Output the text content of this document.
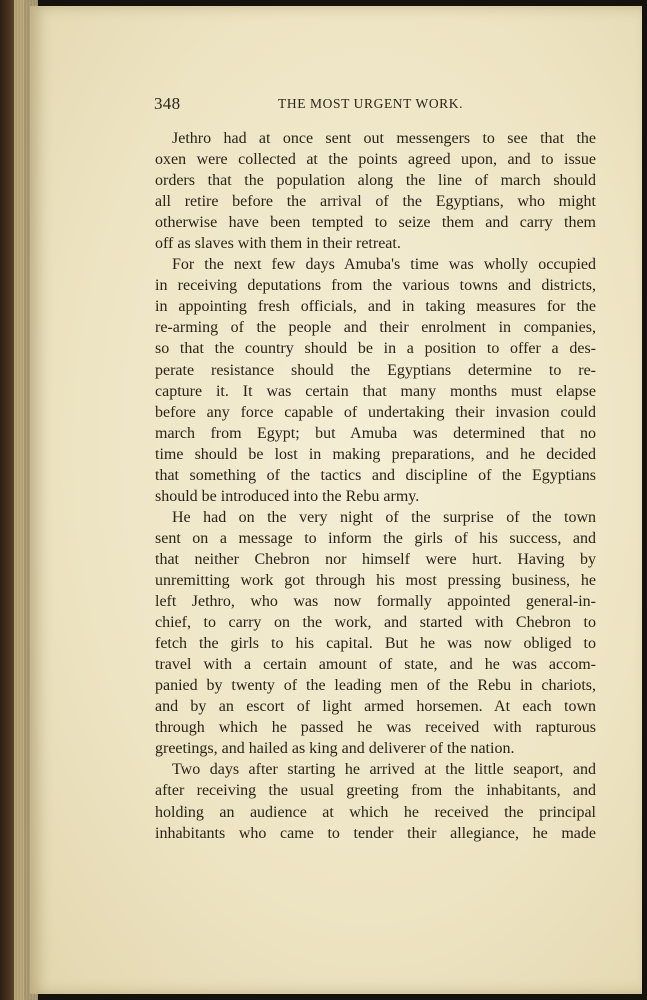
348	THE MOST URGENT WORK.
Jethro had at once sent out messengers to see that the
oxen were collected at the points agreed upon, and to issue
orders that the population along the line of march should
all retire before the arrival of the Egyptians, who might
otherwise have been tempted to seize them and carry them
off as slaves with them in their retreat.
For the next few days Amuba's time was wholly occupied
in receiving deputations from the various towns and districts,
in appointing fresh officials, and in taking measures for the
re-arming of the people and their enrolment in companies,
so that the country should be in a position to offer a des-
perate resistance should the Egyptians determine to re-
capture it. It was certain that many months must elapse
before any force capable of undertaking their invasion could
march from Egypt; but Amuba was determined that no
time should be lost in making preparations, and he decided
that something of the tactics and discipline of the Egyptians
should be introduced into the Rebu army.
He had on the very night of the surprise of the town
sent on a message to inform the girls of his success, and
that neither Chebron nor himself were hurt. Having by
unremitting work got through his most pressing business, he
left Jethro, who was now formally appointed general-in-
chief, to carry on the work, and started with Chebron to
fetch the girls to his capital. But he was now obliged to
travel with a certain amount of state, and he was accom-
panied by twenty of the leading men of the Rebu in chariots,
and by an escort of light armed horsemen. At each town
through which he passed he was received with rapturous
greetings, and hailed as king and deliverer of the nation.
Two days after starting he arrived at the little seaport, and
after receiving the usual greeting from the inhabitants, and
holding an audience at which he received the principal
inhabitants who came to tender their allegiance, he made
